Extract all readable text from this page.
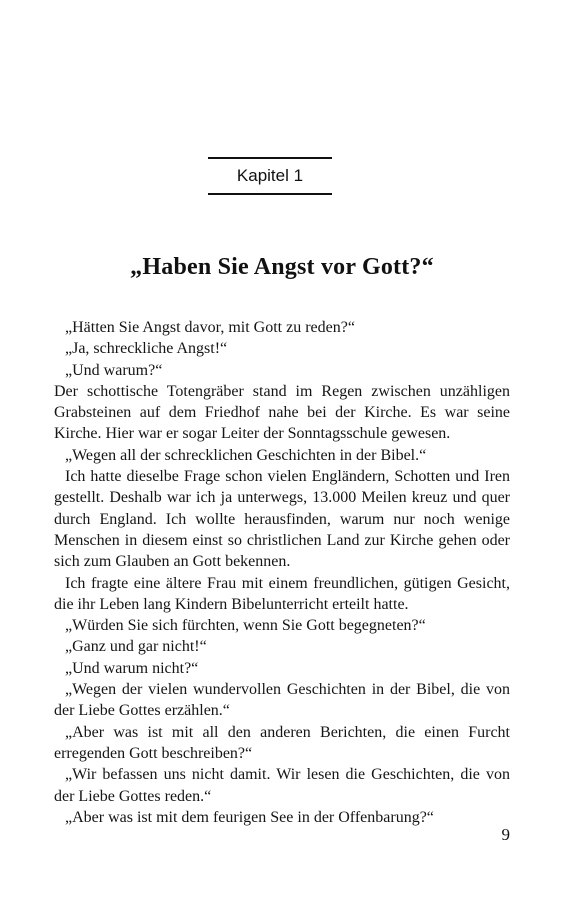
Kapitel 1
„Haben Sie Angst vor Gott?“

„Hätten Sie Angst davor, mit Gott zu reden?“

„Ja, schreckliche Angst!“

„Und warum?“

Der schottische Totengräber stand im Regen zwischen unzähligen Grabsteinen auf dem Friedhof nahe bei der Kirche. Es war seine Kirche. Hier war er sogar Leiter der Sonntagsschule gewesen.

„Wegen all der schrecklichen Geschichten in der Bibel.“

Ich hatte dieselbe Frage schon vielen Engländern, Schotten und Iren gestellt. Deshalb war ich ja unterwegs, 13.000 Meilen kreuz und quer durch England. Ich wollte herausfinden, warum nur noch wenige Menschen in diesem einst so christlichen Land zur Kirche gehen oder sich zum Glauben an Gott bekennen.

Ich fragte eine ältere Frau mit einem freundlichen, gütigen Gesicht, die ihr Leben lang Kindern Bibelunterricht erteilt hatte.

„Würden Sie sich fürchten, wenn Sie Gott begegneten?“

„Ganz und gar nicht!“

„Und warum nicht?“

„Wegen der vielen wundervollen Geschichten in der Bibel, die von der Liebe Gottes erzählen.“

„Aber was ist mit all den anderen Berichten, die einen Furcht erregenden Gott beschreiben?“

„Wir befassen uns nicht damit. Wir lesen die Geschichten, die von der Liebe Gottes reden.“

„Aber was ist mit dem feurigen See in der Offenbarung?“

9
